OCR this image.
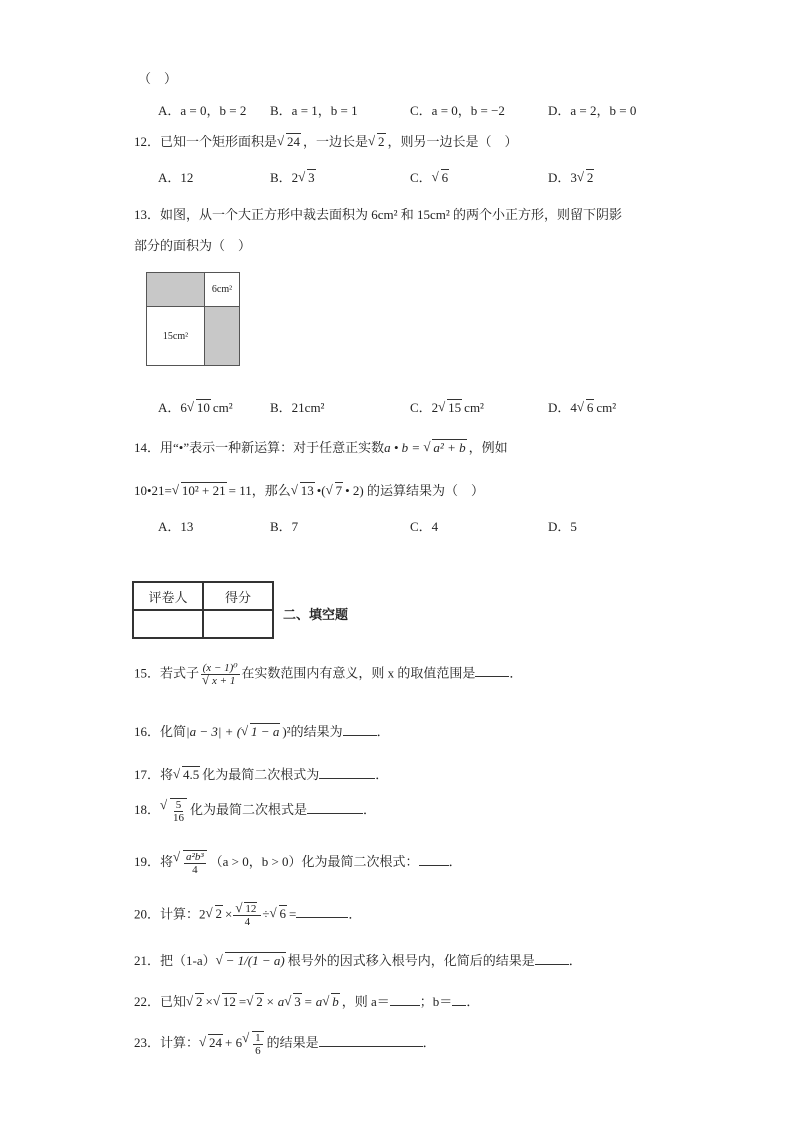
（　）
A．a = 0，b = 2 B．a = 1，b = 1	C．a = 0，b = −2	D．a = 2，b = 0
12．已知一个矩形面积是 √ 24 ，一边长是 √ 2 ，则另一边长是（　）
A．12	B．2 √ 3	C． √ 6	D．3 √ 2
13．如图，从一个大正方形中裁去面积为 6cm² 和 15cm² 的两个小正方形，则留下阴影
部分的面积为（　）
6cm²
15cm²
A．6 √ 10 cm²	B．21cm²	C．2 √ 15 cm²	D．4 √ 6 cm²
14．用“•”表示一种新运算：对于任意正实数a • b = √ a² + b ，例如
10•21= √ 10² + 21 = 11，那么 √ 13 •( √ 7 • 2) 的运算结果为（　）
A．13	B．7	C．4	D．5
评卷人	得分

二、填空题
15．若式子 (x − 1)⁰
√ x + 1 在实数范围内有意义，则 x 的取值范围是	．
16．化简|a − 3| + ( √ 1 − a )²的结果为	．
17．将 √ 4.5 化为最简二次根式为	．
18． √ $\frac{5}{16}$ 化为最简二次根式是	．
19．将 √ $\frac{\text{a²b³}}{4} (a > 0$，b > 0）化为最简二次根式： ．
20．计算：2 √ 2 × √ $\frac{12}{4}$ ÷ √ 6 =	．
21．把（1-a） √ − 1/(1 − a) 根号外的因式移入根号内，化简后的结果是	．
22．已知 √ 2 × √ 12 = √ 2 × a √ 3 = a √ b ，则 a＝ ；b＝ ．
23．计算： √ 24 + 6 √ $\frac{1}{6}$ 的结果是	．
